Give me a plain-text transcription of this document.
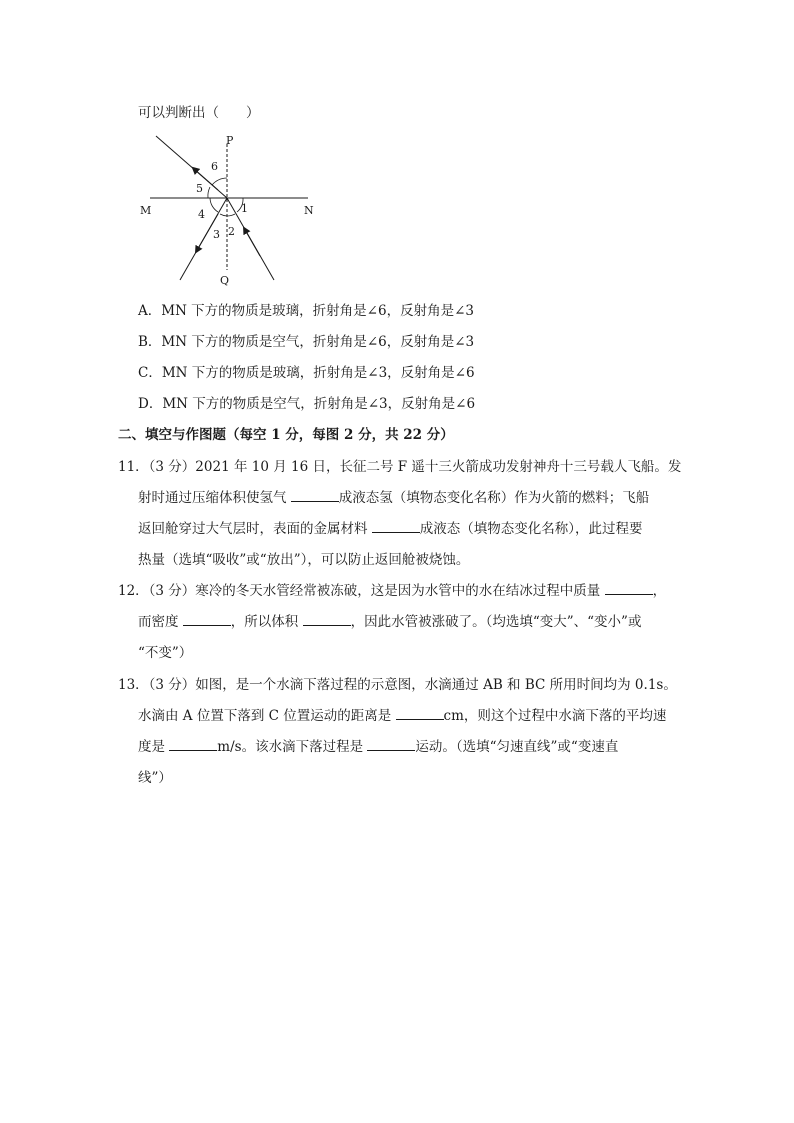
可以判断出（　　）
P
Q
M	N
6
5
4
3 2
1
A．MN 下方的物质是玻璃，折射角是∠6，反射角是∠3
B．MN 下方的物质是空气，折射角是∠6，反射角是∠3
C．MN 下方的物质是玻璃，折射角是∠3，反射角是∠6
D．MN 下方的物质是空气，折射角是∠3，反射角是∠6
二、填空与作图题（每空 1 分，每图 2 分，共 22 分）
11．（3 分）2021 年 10 月 16 日，长征二号 F 遥十三火箭成功发射神舟十三号载人飞船。发
射时通过压缩体积使氢气	成液态氢（填物态变化名称）作为火箭的燃料；飞船
返回舱穿过大气层时，表面的金属材料	成液态（填物态变化名称），此过程要
热量（选填“吸收”或“放出”），可以防止返回舱被烧蚀。
12．（3 分）寒冷的冬天水管经常被冻破，这是因为水管中的水在结冰过程中质量	，
而密度	，所以体积	，因此水管被涨破了。（均选填“变大”、“变小”或
“不变”）
13．（3 分）如图，是一个水滴下落过程的示意图，水滴通过 AB 和 BC 所用时间均为 0.1s。
水滴由 A 位置下落到 C 位置运动的距离是	cm，则这个过程中水滴下落的平均速
度是	m/s。该水滴下落过程是	运动。（选填“匀速直线”或“变速直
线”）
